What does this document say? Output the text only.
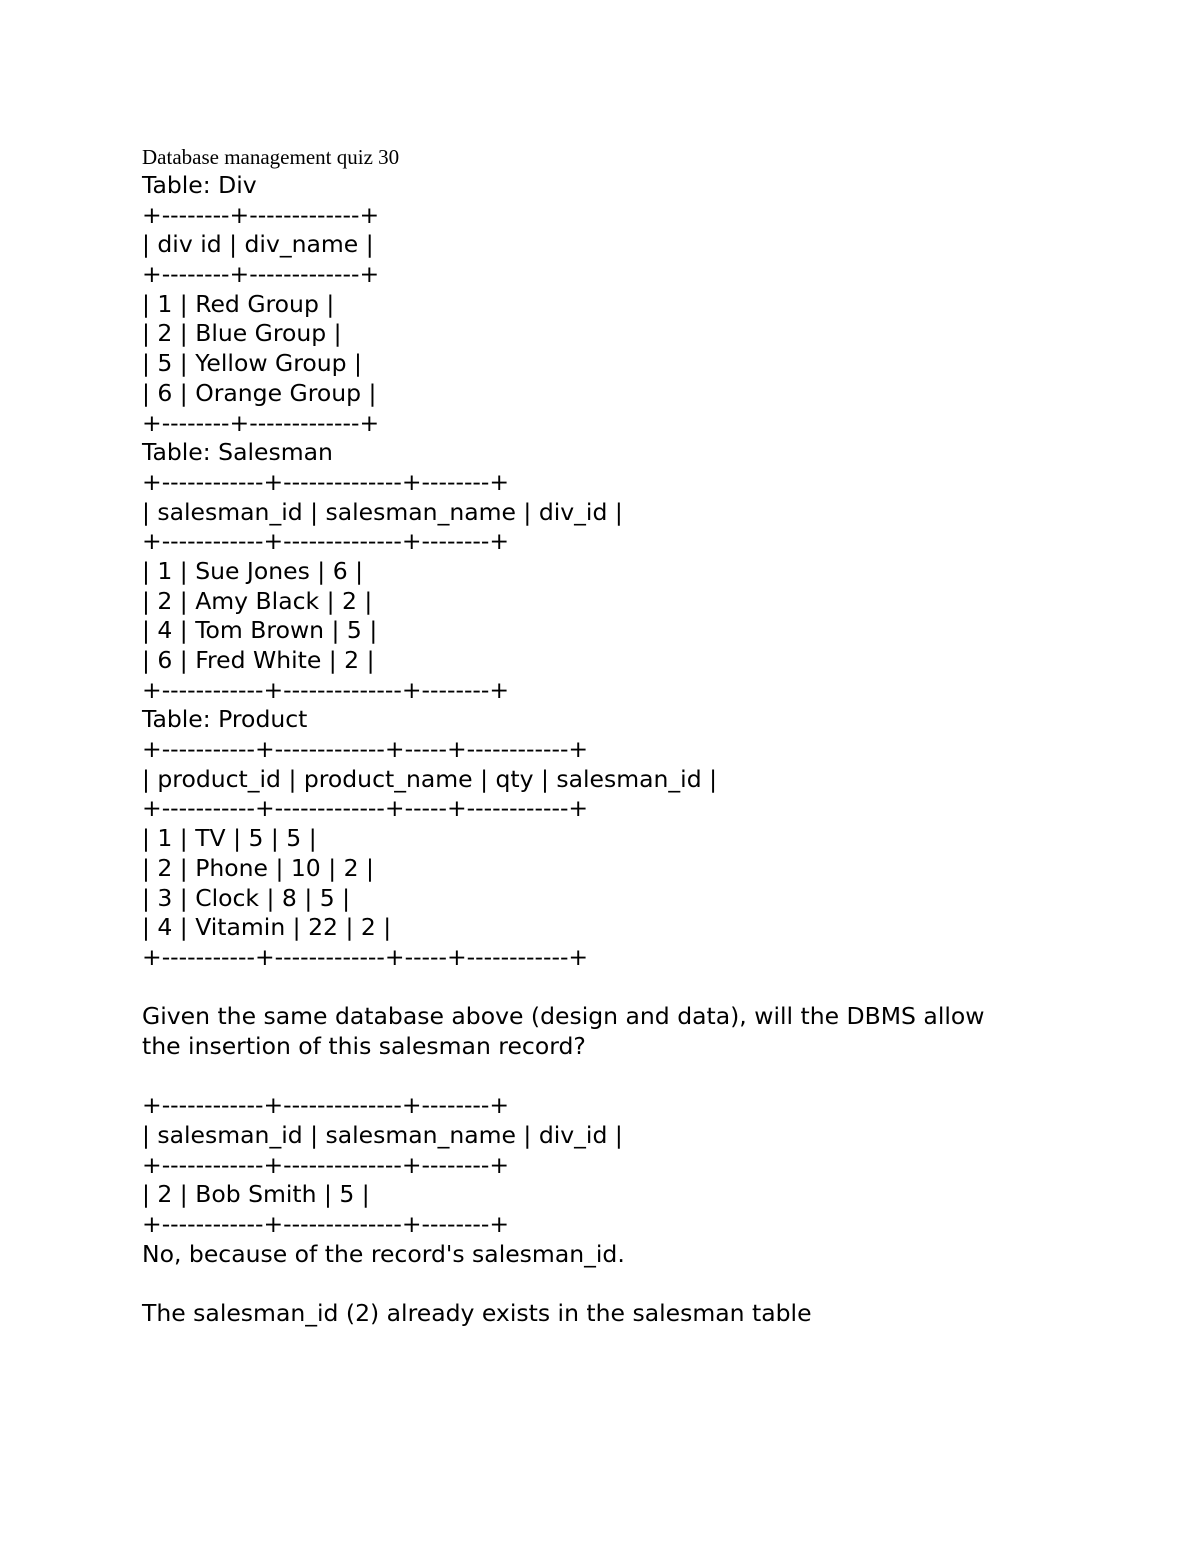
Database management quiz 30
Table: Div
+--------+-------------+
| div id | div_name |
+--------+-------------+
| 1 | Red Group |
| 2 | Blue Group |
| 5 | Yellow Group |
| 6 | Orange Group |
+--------+-------------+
Table: Salesman
+------------+--------------+--------+
| salesman_id | salesman_name | div_id |
+------------+--------------+--------+
| 1 | Sue Jones | 6 |
| 2 | Amy Black | 2 |
| 4 | Tom Brown | 5 |
| 6 | Fred White | 2 |
+------------+--------------+--------+
Table: Product
+-----------+-------------+-----+------------+
| product_id | product_name | qty | salesman_id |
+-----------+-------------+-----+------------+
| 1 | TV | 5 | 5 |
| 2 | Phone | 10 | 2 |
| 3 | Clock | 8 | 5 |
| 4 | Vitamin | 22 | 2 |
+-----------+-------------+-----+------------+
Given the same database above (design and data), will the DBMS allow
the insertion of this salesman record?
+------------+--------------+--------+
| salesman_id | salesman_name | div_id |
+------------+--------------+--------+
| 2 | Bob Smith | 5 |
+------------+--------------+--------+
No, because of the record's salesman_id.
The salesman_id (2) already exists in the salesman table
